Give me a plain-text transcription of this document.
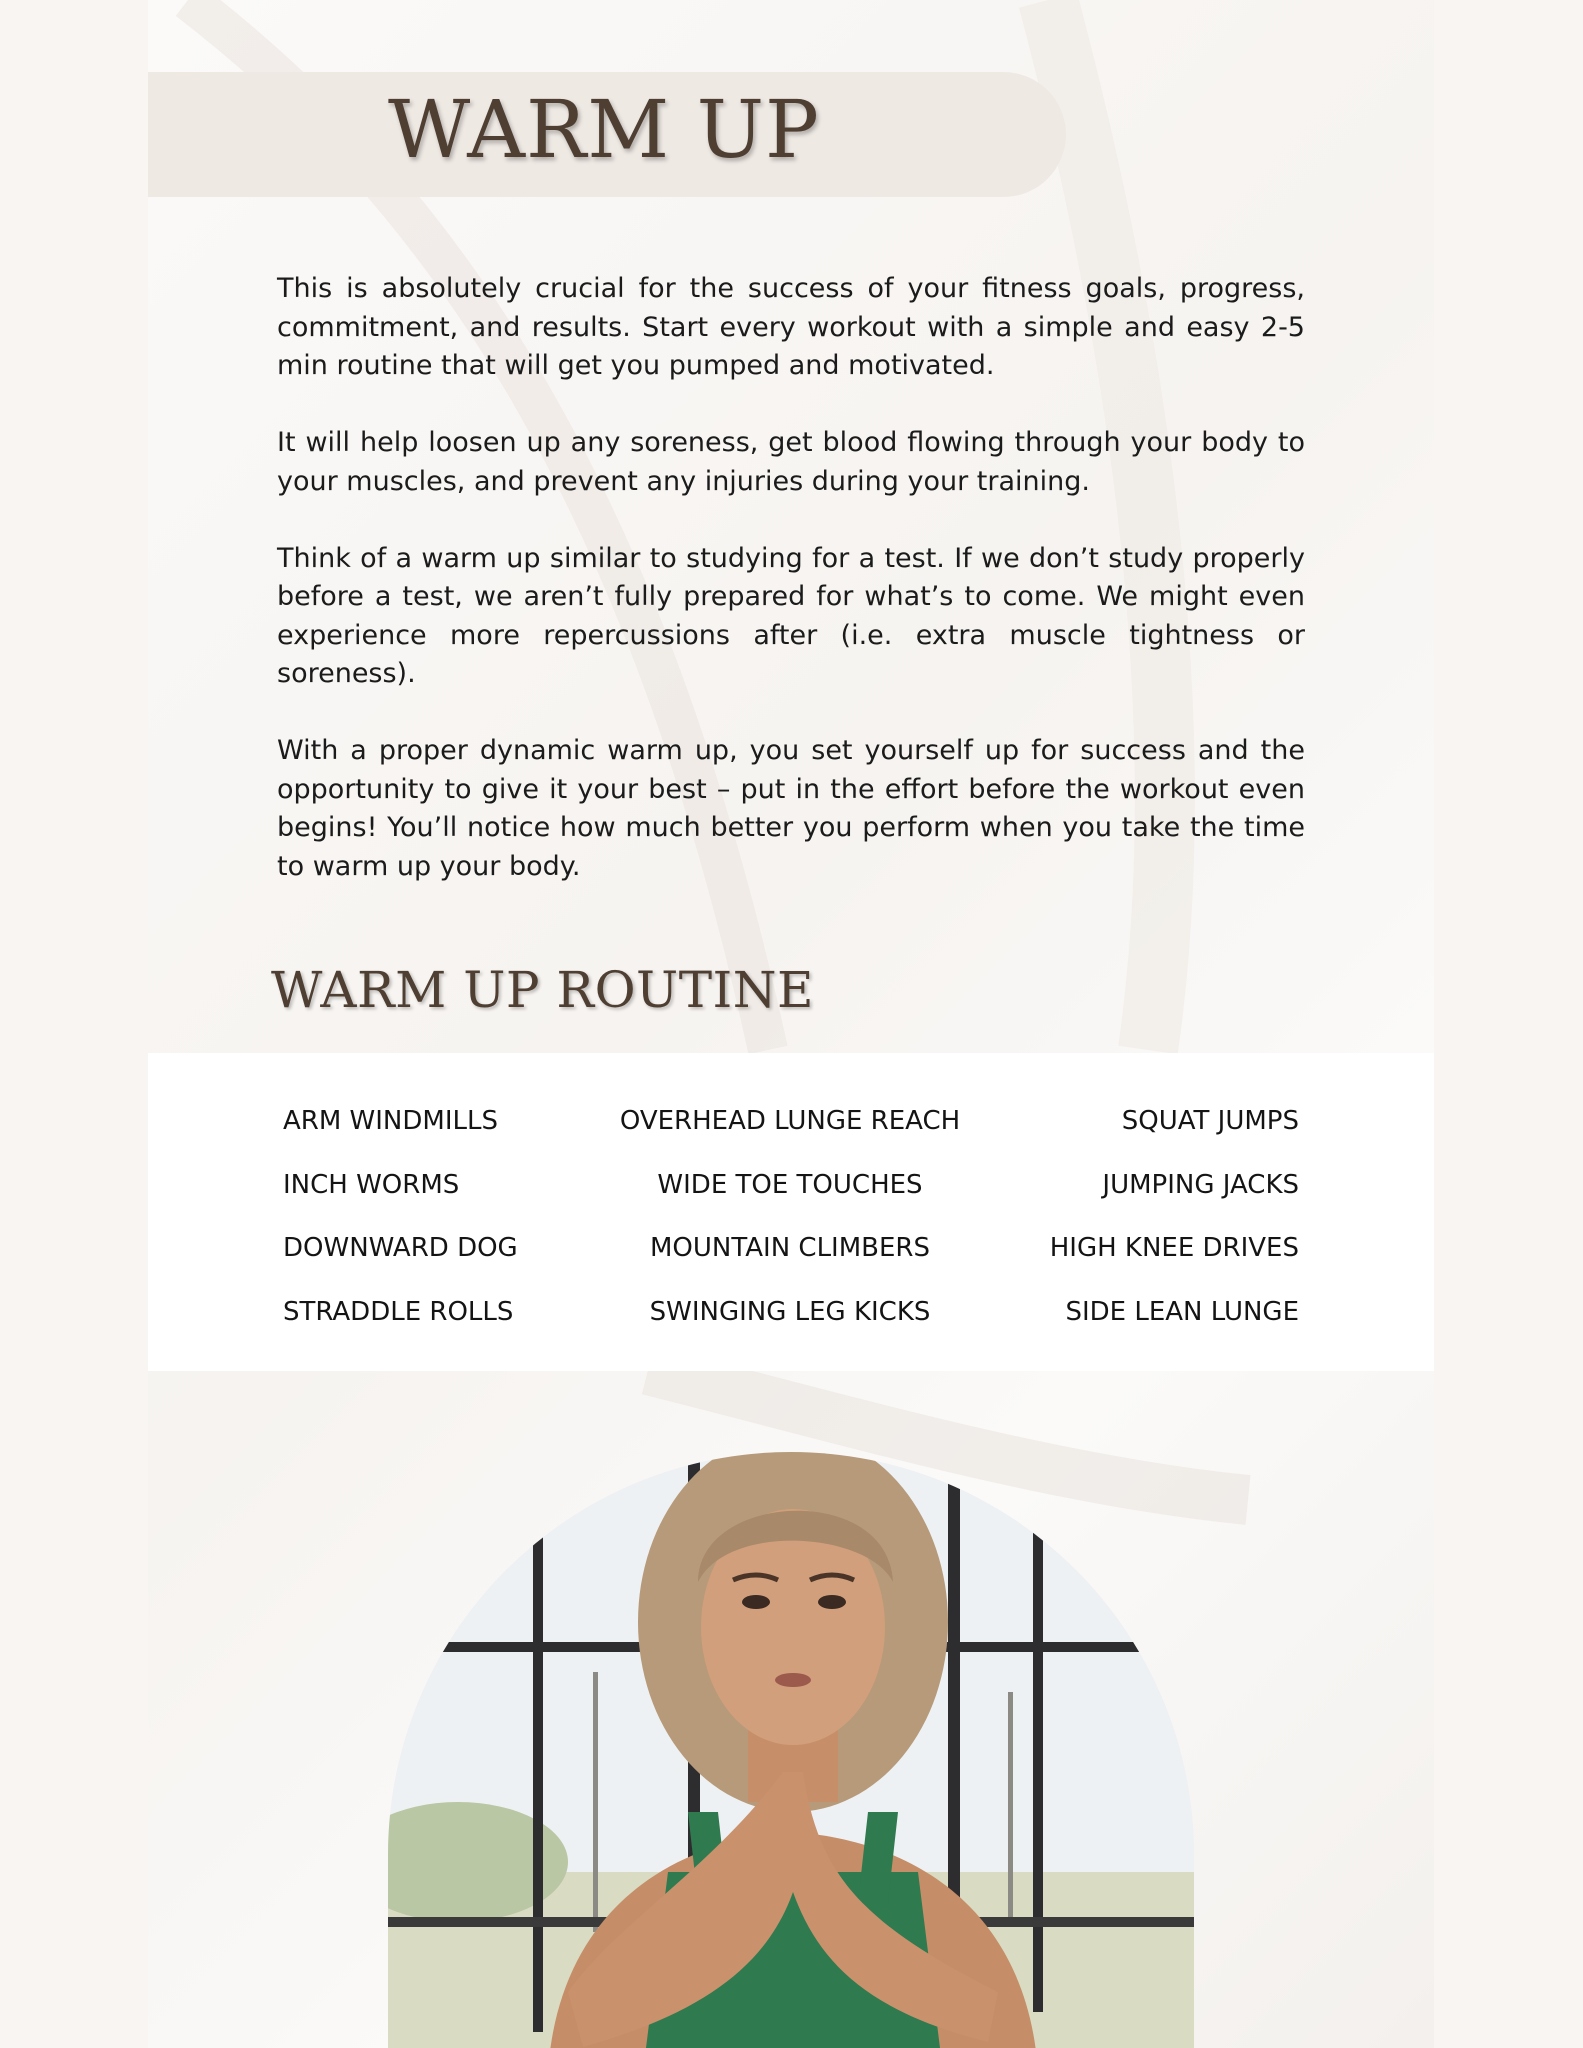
WARM UP

This is absolutely crucial for the success of your fitness goals, progress, commitment, and results. Start every workout with a simple and easy 2-5 min routine that will get you pumped and motivated.

It will help loosen up any soreness, get blood flowing through your body to your muscles, and prevent any injuries during your training.

Think of a warm up similar to studying for a test. If we don’t study properly before a test, we aren’t fully prepared for what’s to come. We might even experience more repercussions after (i.e. extra muscle tightness or soreness).

With a proper dynamic warm up, you set yourself up for success and the opportunity to give it your best – put in the effort before the workout even begins! You’ll notice how much better you perform when you take the time to warm up your body.

WARM UP ROUTINE
ARM WINDMILLS
INCH WORMS
DOWNWARD DOG
STRADDLE ROLLS
OVERHEAD LUNGE REACH
WIDE TOE TOUCHES
MOUNTAIN CLIMBERS
SWINGING LEG KICKS
SQUAT JUMPS
JUMPING JACKS
HIGH KNEE DRIVES
SIDE LEAN LUNGE
